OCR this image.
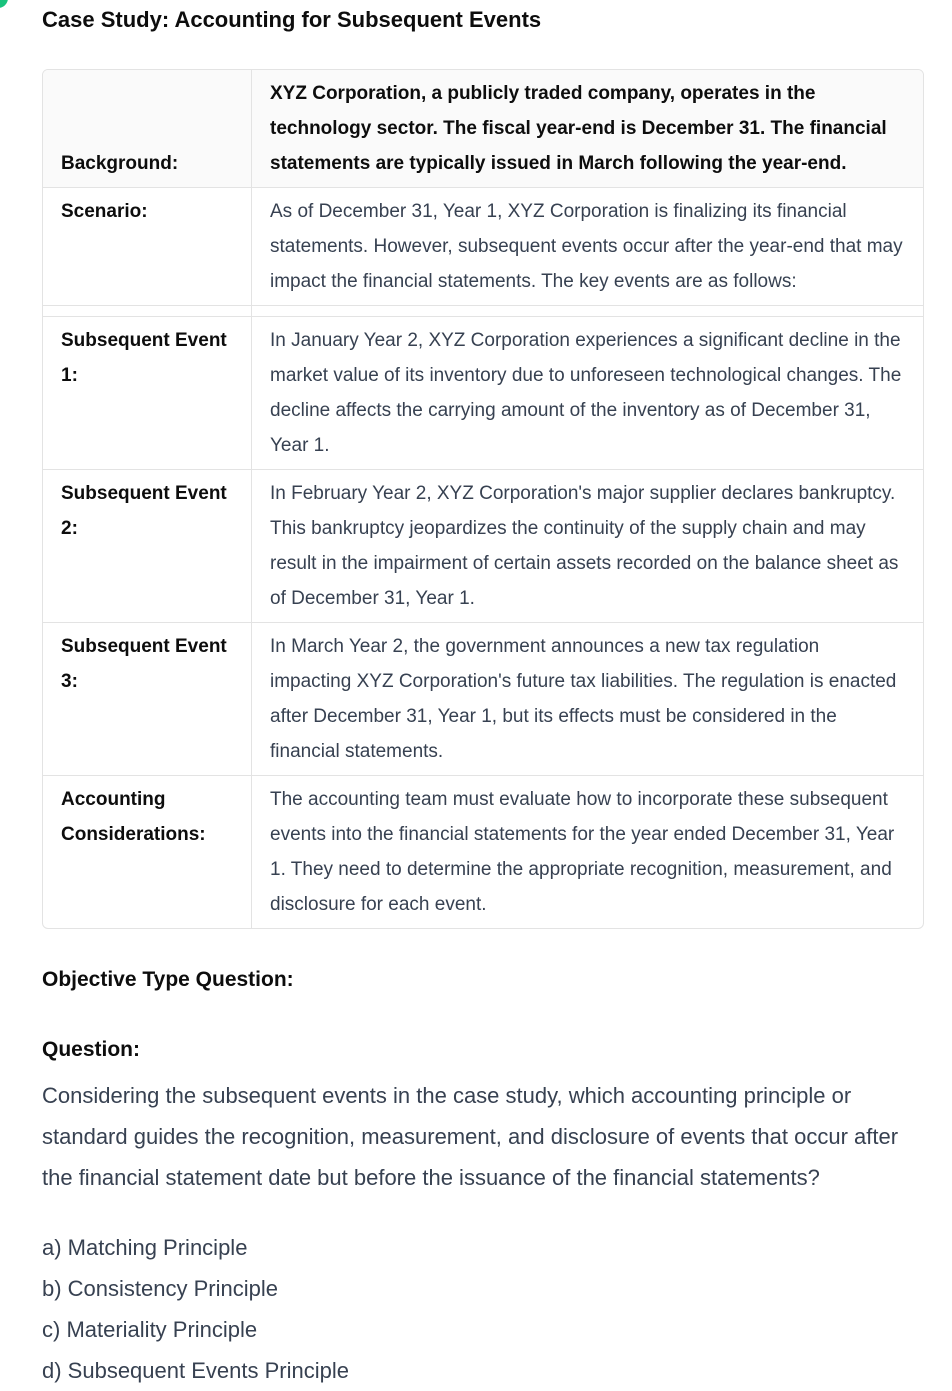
Case Study: Accounting for Subsequent Events
Background:	XYZ Corporation, a publicly traded company, operates in the technology sector. The fiscal year-end is December 31. The financial statements are typically issued in March following the year-end.
Scenario:	As of December 31, Year 1, XYZ Corporation is finalizing its financial statements. However, subsequent events occur after the year-end that may impact the financial statements. The key events are as follows:

Subsequent Event 1:	In January Year 2, XYZ Corporation experiences a significant decline in the market value of its inventory due to unforeseen technological changes. The decline affects the carrying amount of the inventory as of December 31, Year 1.
Subsequent Event 2:	In February Year 2, XYZ Corporation's major supplier declares bankruptcy. This bankruptcy jeopardizes the continuity of the supply chain and may result in the impairment of certain assets recorded on the balance sheet as of December 31, Year 1.
Subsequent Event 3:	In March Year 2, the government announces a new tax regulation impacting XYZ Corporation's future tax liabilities. The regulation is enacted after December 31, Year 1, but its effects must be considered in the financial statements.
Accounting Considerations:	The accounting team must evaluate how to incorporate these subsequent events into the financial statements for the year ended December 31, Year 1. They need to determine the appropriate recognition, measurement, and disclosure for each event.
Objective Type Question:
Question:

Considering the subsequent events in the case study, which accounting principle or standard guides the recognition, measurement, and disclosure of events that occur after the financial statement date but before the issuance of the financial statements?

a) Matching Principle
b) Consistency Principle
c) Materiality Principle
d) Subsequent Events Principle
